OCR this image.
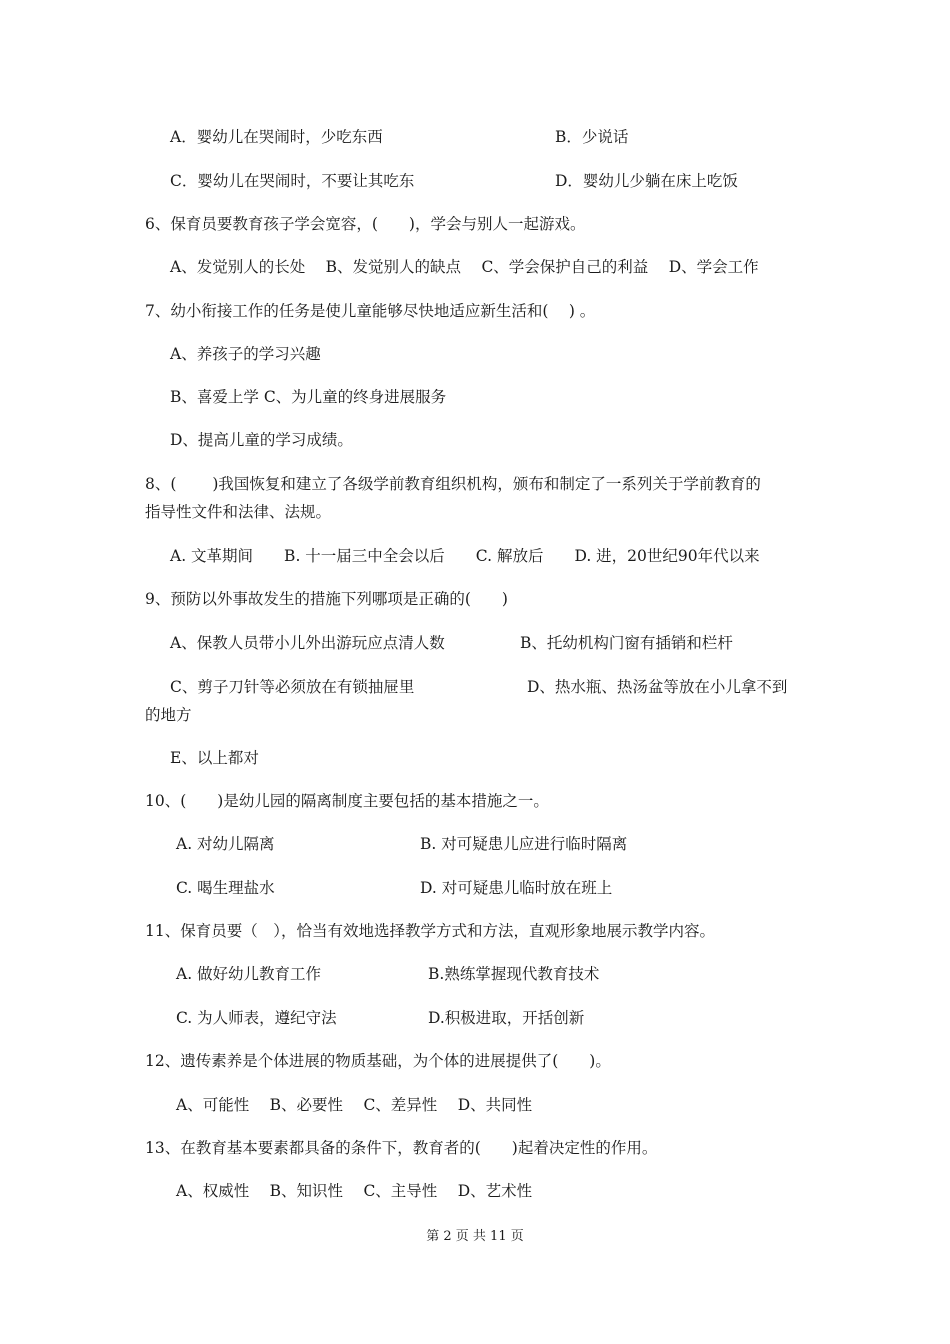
A．婴幼儿在哭闹时，少吃东西	B．少说话
C．婴幼儿在哭闹时，不要让其吃东	D．婴幼儿少躺在床上吃饭
6、保育员要教育孩子学会宽容，(　　)，学会与别人一起游戏。
A、发觉别人的长处　 B、发觉别人的缺点　 C、学会保护自己的利益　 D、学会工作
7、幼小衔接工作的任务是使儿童能够尽快地适应新生活和(　 ) 。
A、养孩子的学习兴趣
B、喜爱上学 C、为儿童的终身进展服务
D、提高儿童的学习成绩。
8、(　　 )我国恢复和建立了各级学前教育组织机构，颁布和制定了一系列关于学前教育的
指导性文件和法律、法规。
A. 文革期间　　B. 十一届三中全会以后　　C. 解放后　　D. 进，20世纪90年代以来
9、预防以外事故发生的措施下列哪项是正确的(　　)
A、保教人员带小儿外出游玩应点清人数	B、托幼机构门窗有插销和栏杆
C、剪子刀针等必须放在有锁抽屉里	D、热水瓶、热汤盆等放在小儿拿不到
的地方
E、以上都对
10、(　　)是幼儿园的隔离制度主要包括的基本措施之一。
A. 对幼儿隔离	B. 对可疑患儿应进行临时隔离
C. 喝生理盐水	D. 对可疑患儿临时放在班上
11、保育员要（　），恰当有效地选择教学方式和方法，直观形象地展示教学内容。
A. 做好幼儿教育工作	B.熟练掌握现代教育技术
C. 为人师表，遵纪守法	D.积极进取，开括创新
12、遗传素养是个体进展的物质基础，为个体的进展提供了(　　)。
A、可能性　 B、必要性　 C、差异性　 D、共同性
13、在教育基本要素都具备的条件下，教育者的(　　)起着决定性的作用。
A、权威性　 B、知识性　 C、主导性　 D、艺术性
第 2 页 共 11 页
